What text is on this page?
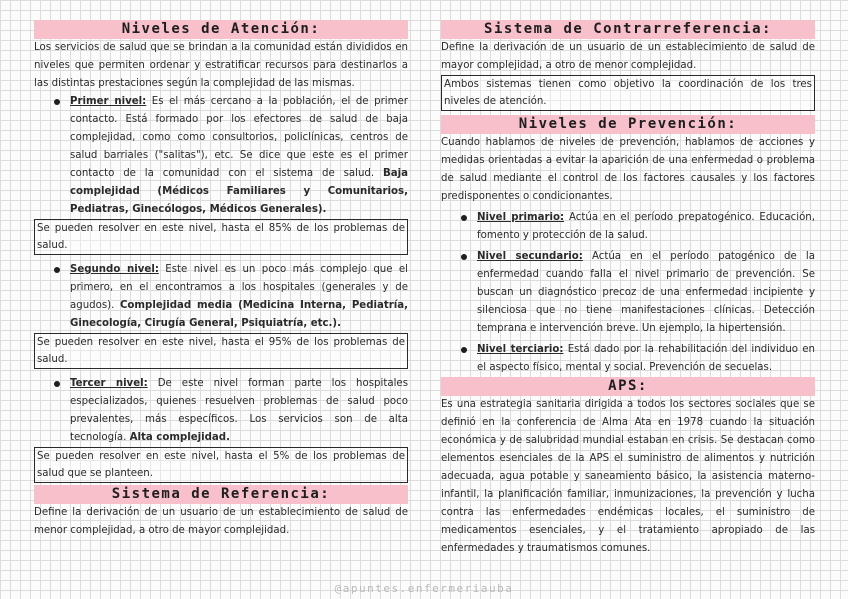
Niveles de Atención:

Los servicios de salud que se brindan a la comunidad están divididos en niveles que permiten ordenar y estratificar recursos para destinarlos a las distintas prestaciones según la complejidad de las mismas.

Primer nivel: Es el más cercano a la población, el de primer contacto. Está formado por los efectores de salud de baja complejidad, como como consultorios, policlínicas, centros de salud barriales ("salitas"), etc. Se dice que este es el primer contacto de la comunidad con el sistema de salud. Baja complejidad (Médicos Familiares y Comunitarios, Pediatras, Ginecólogos, Médicos Generales).

Se pueden resolver en este nivel, hasta el 85% de los problemas de salud.

Segundo nivel: Este nivel es un poco más complejo que el primero, en el encontramos a los hospitales (generales y de agudos). Complejidad media (Medicina Interna, Pediatría, Ginecología, Cirugía General, Psiquiatría, etc.).

Se pueden resolver en este nivel, hasta el 95% de los problemas de salud.

Tercer nivel: De este nivel forman parte los hospitales especializados, quienes resuelven problemas de salud poco prevalentes, más específicos. Los servicios son de alta tecnología. Alta complejidad.

Se pueden resolver en este nivel, hasta el 5% de los problemas de salud que se planteen.
Sistema de Referencia:

Define la derivación de un usuario de un establecimiento de salud de menor complejidad, a otro de mayor complejidad.

Sistema de Contrarreferencia:

Define la derivación de un usuario de un establecimiento de salud de mayor complejidad, a otro de menor complejidad.

Ambos sistemas tienen como objetivo la coordinación de los tres niveles de atención.
Niveles de Prevención:

Cuando hablamos de niveles de prevención, hablamos de acciones y medidas orientadas a evitar la aparición de una enfermedad o problema de salud mediante el control de los factores causales y los factores predisponentes o condicionantes.

Nivel primario: Actúa en el período prepatogénico. Educación, fomento y protección de la salud.

Nivel secundario: Actúa en el período patogénico de la enfermedad cuando falla el nivel primario de prevención. Se buscan un diagnóstico precoz de una enfermedad incipiente y silenciosa que no tiene manifestaciones clínicas. Detección temprana e intervención breve. Un ejemplo, la hipertensión.

Nivel terciario: Está dado por la rehabilitación del individuo en el aspecto físico, mental y social. Prevención de secuelas.

APS:

Es una estrategia sanitaria dirigida a todos los sectores sociales que se definió en la conferencia de Alma Ata en 1978 cuando la situación económica y de salubridad mundial estaban en crisis. Se destacan como elementos esenciales de la APS el suministro de alimentos y nutrición adecuada, agua potable y saneamiento básico, la asistencia materno-infantil, la planificación familiar, inmunizaciones, la prevención y lucha contra las enfermedades endémicas locales, el suministro de medicamentos esenciales, y el tratamiento apropiado de las enfermedades y traumatismos comunes.

@apuntes.enfermeriauba
